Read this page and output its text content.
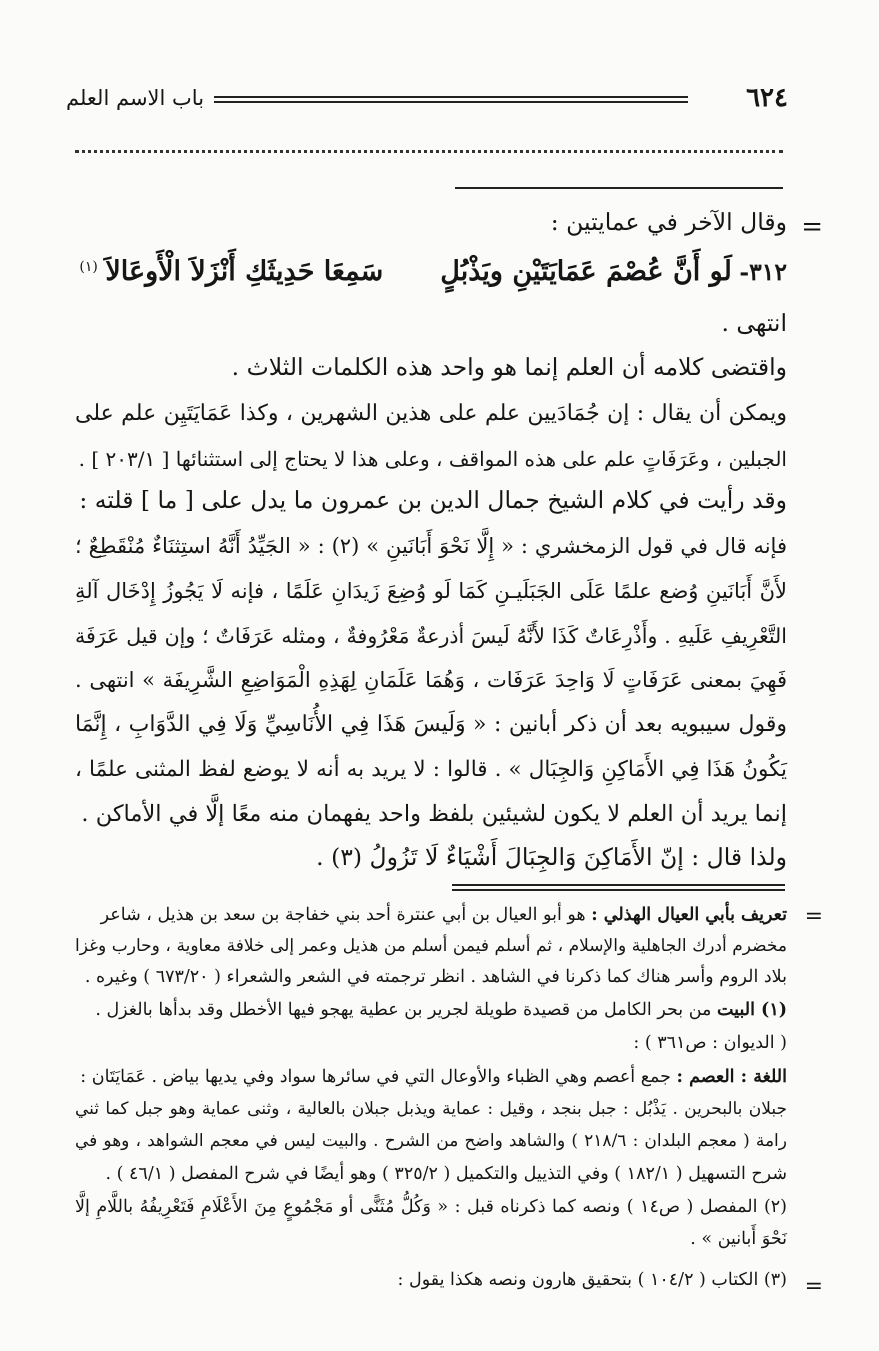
٦٢٤
باب الاسم العلم
=
وقال الآخر في عمايتين :
٣١٢- لَو أَنَّ عُصْمَ عَمَايَتَيْنِ ويَذْبُلٍ  سَمِعَا حَدِيثَكِ أَنْزَلاَ الْأَوعَالاَ $^{(١)}$
انتهى .
واقتضى كلامه أن العلم إنما هو واحد هذه الكلمات الثلاث .
ويمكن أن يقال : إن جُمَادَيين علم على هذين الشهرين ، وكذا عَمَايَتَيِن علم على
الجبلين ، وعَرَفَاتٍ علم على هذه المواقف ، وعلى هذا لا يحتاج إلى استثنائها [ ٢٠٣/١ ] .
وقد رأيت في كلام الشيخ جمال الدين بن عمرون ما يدل على [ ما ] قلته :
فإنه قال في قول الزمخشري : « إِلَّا نَحْوَ أَبَانَينِ » (٢) : « الجَيِّدُ أَنَّهُ استِثنَاءٌ مُنْقَطِعٌ ؛
لأَنَّ أَبَانَينِ وُضع علمًا عَلَى الجَبَلَيـنِ كَمَا لَو وُضِعَ زَيدَانِ عَلَمًا ، فإنه لَا يَجُوزُ إِدْخَال آلةِ
التَّعْرِيفِ عَلَيهِ . وأَذْرِعَاتٌ كَذَا لأَنَّهُ لَيسَ أذرعةٌ مَعْرُوفةٌ ، ومثله عَرَفَاتٌ ؛ وإن قيل عَرَفَة
فَهِيَ بمعنى عَرَفَاتٍ لَا وَاحِدَ عَرَفَات ، وَهُمَا عَلَمَانِ لِهَذِهِ الْمَوَاضِعِ الشَّرِيفَة » انتهى .
وقول سيبويه بعد أن ذكر أبانين : « وَلَيسَ هَذَا فِي الأُنَاسِيِّ وَلَا فِي الدَّوَابِ ، إِنَّمَا
يَكُونُ هَذَا فِي الأَمَاكِنِ وَالجِبَال » . قالوا : لا يريد به أنه لا يوضع لفظ المثنى علمًا ،
إنما يريد أن العلم لا يكون لشيئين بلفظ واحد يفهمان منه معًا إلَّا في الأماكن .
ولذا قال : إنّ الأَمَاكِنَ وَالجِبَالَ أَشْيَاءٌ لَا تَزُولُ (٣) .
=
=
تعريف بأبي العيال الهذلي : هو أبو العيال بن أبي عنترة أحد بني خفاجة بن سعد بن هذيل ، شاعر
مخضرم أدرك الجاهلية والإسلام ، ثم أسلم فيمن أسلم من هذيل وعمر إلى خلافة معاوية ، وحارب وغزا
بلاد الروم وأسر هناك كما ذكرنا في الشاهد . انظر ترجمته في الشعر والشعراء ( ٦٧٣/٢٠ ) وغيره .
(١) البيت من بحر الكامل من قصيدة طويلة لجرير بن عطية يهجو فيها الأخطل وقد بدأها بالغزل .
( الديوان : ص٣٦١ ) :
اللغة : العصم : جمع أعصم وهي الظباء والأوعال التي في سائرها سواد وفي يديها بياض . عَمَايَتَان :
جبلان بالبحرين . يَذْبُل : جبل بنجد ، وقيل : عماية ويذبل جبلان بالعالية ، وثنى عماية وهو جبل كما ثني
رامة ( معجم البلدان : ٢١٨/٦ ) والشاهد واضح من الشرح . والبيت ليس في معجم الشواهد ، وهو في
شرح التسهيل ( ١٨٢/١ ) وفي التذييل والتكميل ( ٣٢٥/٢ ) وهو أيضًا في شرح المفصل ( ٤٦/١ ) .
(٢) المفصل ( ص١٤ ) ونصه كما ذكرناه قبل : « وَكُلُّ مُثَنًّى أو مَجْمُوعٍ مِنَ الأَعْلَامِ فَتَعْرِيفُهُ باللَّامِ إلَّا
نَحْوَ أَبانين » .
(٣) الكتاب ( ١٠٤/٢ ) بتحقيق هارون ونصه هكذا يقول :
